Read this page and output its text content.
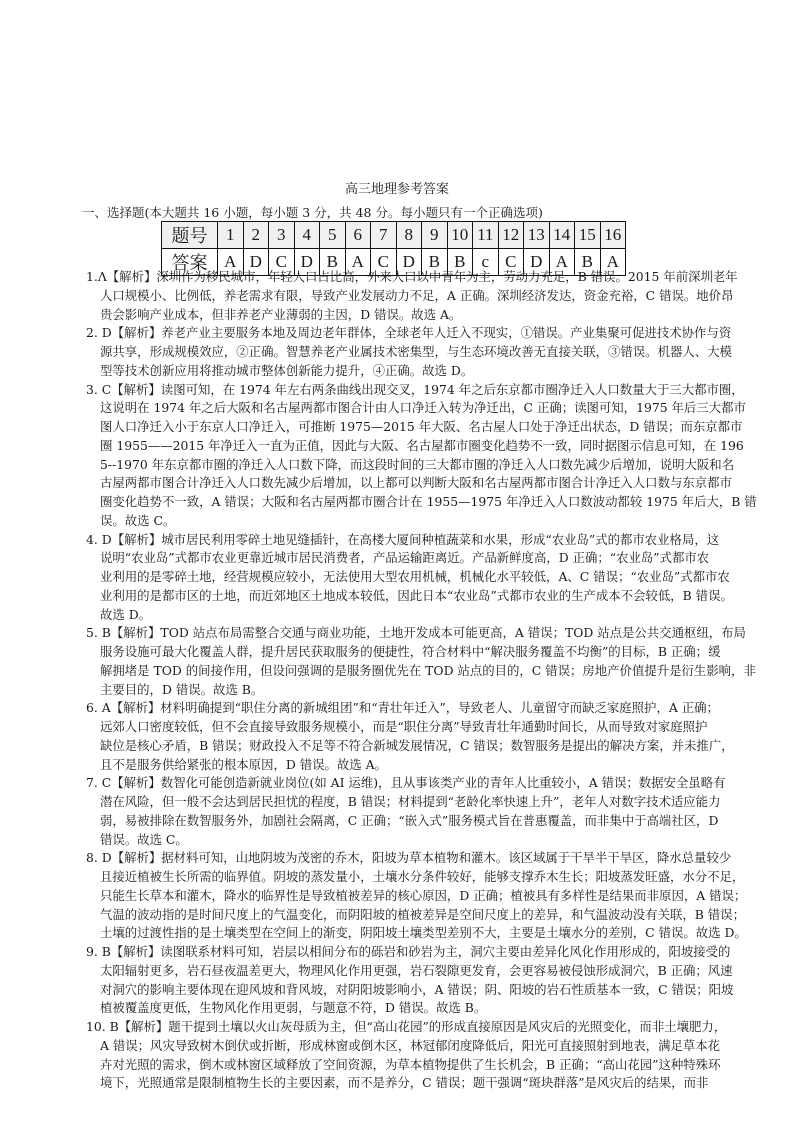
高三地理参考答案
一、选择题(本大题共 16 小题，每小题 3 分，共 48 分。每小题只有一个正确选项)
题号	1	2	3	4	5	6	7	8	9	10	11	12	13	14	15	16
答案	A	D	C	D	B	A	C	D	B	B	c	C	D	A	B	A
1.Λ【解析】深圳作为移民城市，年轻人口占比高，外来人口以中青年为主，劳动力充足，B 错误。2015 年前深圳老年
人口规模小、比例低，养老需求有限，导致产业发展动力不足，A 正确。深圳经济发达，资金充裕，C 错误。地价昂
贵会影响产业成本，但非养老产业薄弱的主因，D 错误。故选 A。
2. D【解析】养老产业主要服务本地及周边老年群体，全球老年人迁入不现实，①错误。产业集聚可促进技术协作与资
源共享，形成规模效应，②正确。智慧养老产业属技术密集型，与生态环境改善无直接关联，③错误。机器人、大模
型等技术创新应用将推动城市整体创新能力提升，④正确。故选 D。
3. C【解析】读图可知，在 1974 年左右两条曲线出现交叉，1974 年之后东京都市圈净迁入人口数量大于三大都市圈，
这说明在 1974 年之后大阪和名古屋两都市图合计由人口净迁入转为净迁出，C 正确；读图可知，1975 年后三大都市
图人口净迁入小于东京人口净迁入，可推断 1975—2015 年大阪、名古屋人口处于净迁出状态，D 错误；而东京都市
圈 1955——2015 年净迁入一直为正值，因此与大阪、名古屋都市圈变化趋势不一致，同时据图示信息可知，在 196
5--1970 年东京都市圈的净迁入人口数下降，而这段时间的三大都市圈的净迁入人口数先减少后增加，说明大阪和名
古屋两都市图合计净迁入人口数先减少后增加，以上都可以判断大阪和名古屋两都市图合计净迁入人口数与东京都市
圈变化趋势不一致，A 错误；大阪和名古屋两都市圈合计在 1955—1975 年净迁入人口数波动都较 1975 年后大，B 错
误。故选 C。
4. D【解析】城市居民利用零碎土地见缝插针，在高楼大厦间种植蔬菜和水果，形成“农业岛”式的都市农业格局，这
说明“农业岛”式都市农业更靠近城市居民消费者，产品运输距离近。产品新鲜度高，D 正确；“农业岛”式都市农
业利用的是零碎土地，经营规模应较小，无法使用大型农用机械，机械化水平较低，A、C 错误；“农业岛”式都市农
业利用的是都市区的土地，而近郊地区土地成本较低，因此日本“农业岛”式都市农业的生产成本不会较低，B 错误。
故选 D。
5. B【解析】TOD 站点布局需整合交通与商业功能，土地开发成本可能更高，A 错误；TOD 站点是公共交通枢纽，布局
服务设施可最大化覆盖人群，提升居民获取服务的便捷性，符合材料中“解决服务覆盖不均衡”的目标，B 正确；缓
解拥堵是 TOD 的间接作用，但设问强调的是服务圈优先在 TOD 站点的目的，C 错误；房地产价值提升是衍生影响，非
主要目的，D 错误。故选 B。
6. A【解析】材料明确提到“职住分离的新城组团”和“青壮年迁入”，导致老人、儿童留守而缺乏家庭照护，A 正确；
远郊人口密度较低，但不会直接导致服务规模小，而是“职住分离”导致青壮年通勤时间长，从而导致对家庭照护
缺位是核心矛盾，B 错误；财政投入不足等不符合新城发展情况，C 错误；数智服务是提出的解决方案，并未推广，
且不是服务供给紧张的根本原因，D 错误。故选 A。
7. C【解析】数智化可能创造新就业岗位(如 AI 运维)，且从事该类产业的青年人比重较小，A 错误；数据安全虽略有
潜在风险，但一般不会达到居民担忧的程度，B 错误；材料提到“老龄化率快速上升”，老年人对数字技术适应能力
弱，易被排除在数智服务外，加剧社会隔离，C 正确；“嵌入式”服务模式旨在普惠覆盖，而非集中于高端社区，D
错误。故选 C。
8. D【解析】据材料可知，山地阴坡为茂密的乔木，阳坡为草本植物和灌木。该区域属于干旱半干旱区，降水总量较少
且接近植被生长所需的临界值。阴坡的蒸发量小，土壤水分条件较好，能够支撑乔木生长；阳坡蒸发旺盛，水分不足，
只能生长草本和灌木，降水的临界性是导致植被差异的核心原因，D 正确；植被具有多样性是结果而非原因，A 错误；
气温的波动指的是时间尺度上的气温变化，而阴阳坡的植被差异是空间尺度上的差异，和气温波动没有关联，B 错误；
土壤的过渡性指的是土壤类型在空间上的渐变，阴阳坡土壤类型差别不大，主要是土壤水分的差别，C 错误。故选 D。
9. B【解析】读图联系材料可知，岩层以相间分布的砾岩和砂岩为主，洞穴主要由差异化风化作用形成的，阳坡接受的
太阳辐射更多，岩石昼夜温差更大，物理风化作用更强，岩石裂隙更发育，会更容易被侵蚀形成洞穴，B 正确；风速
对洞穴的影响主要体现在迎风坡和背风坡，对阴阳坡影响小，A 错误；阴、阳坡的岩石性质基本一致，C 错误；阳坡
植被覆盖度更低，生物风化作用更弱，与题意不符，D 错误。故选 B。
10. B【解析】题干提到土壤以火山灰母质为主，但“高山花园”的形成直接原因是风灾后的光照变化，而非土壤肥力，
A 错误；风灾导致树木倒伏或折断，形成林窗或倒木区，林冠郁闭度降低后，阳光可直接照射到地表，满足草本花
卉对光照的需求，倒木或林窗区域释放了空间资源，为草本植物提供了生长机会，B 正确；“高山花园”这种特殊环
境下，光照通常是限制植物生长的主要因素，而不是养分，C 错误；题干强调“斑块群落”是风灾后的结果，而非
